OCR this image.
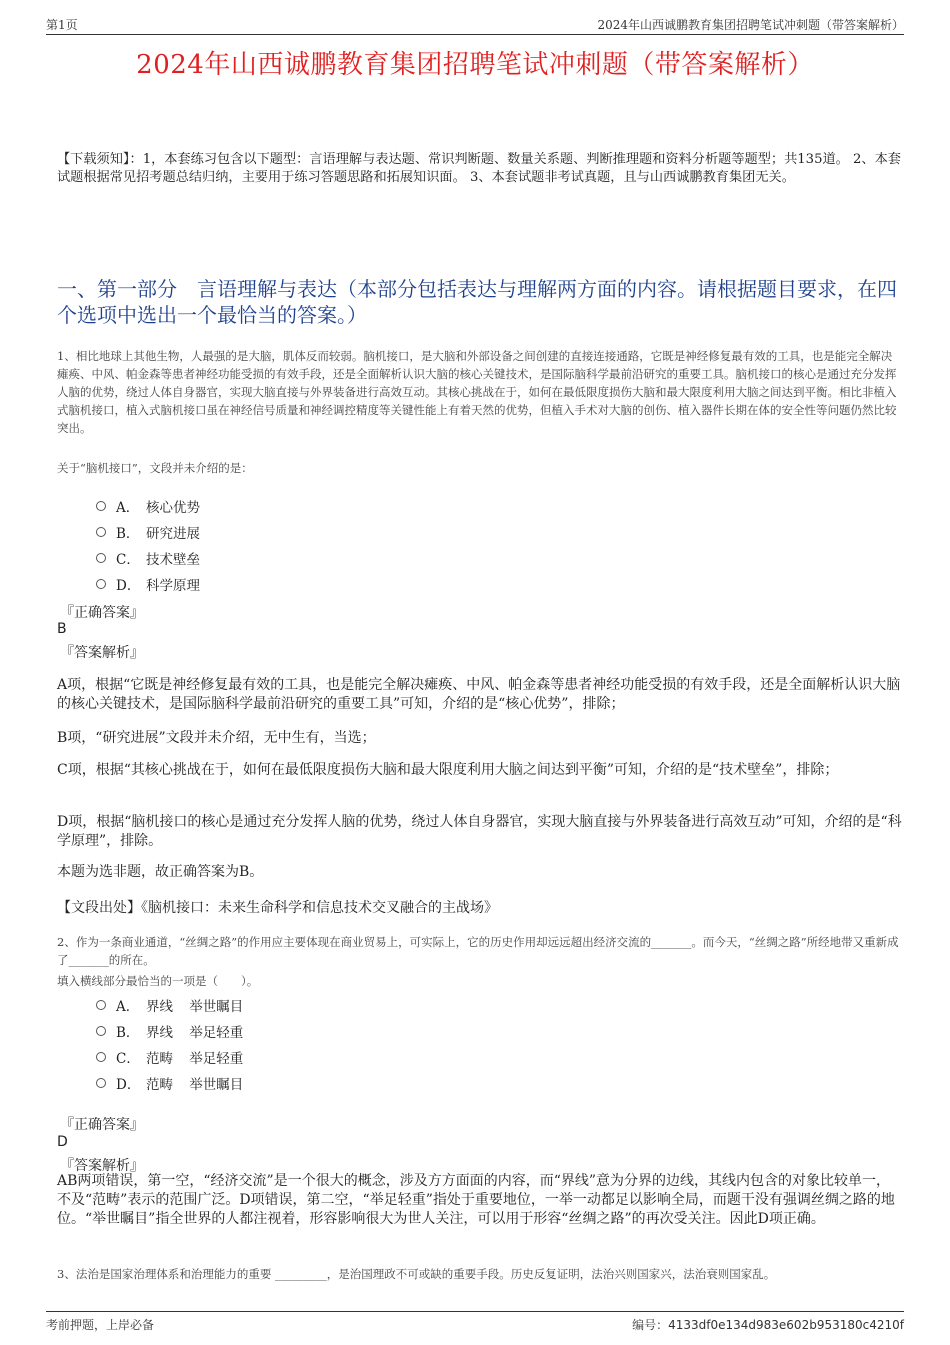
第1页	2024年山西诚鹏教育集团招聘笔试冲刺题（带答案解析）
2024年山西诚鹏教育集团招聘笔试冲刺题（带答案解析）
【下载须知】：1，本套练习包含以下题型：言语理解与表达题、常识判断题、数量关系题、判断推理题和资料分析题等题型；共135道。 2、本套试题根据常见招考题总结归纳，主要用于练习答题思路和拓展知识面。 3、本套试题非考试真题，且与山西诚鹏教育集团无关。
一、第一部分　言语理解与表达（本部分包括表达与理解两方面的内容。请根据题目要求，在四个选项中选出一个最恰当的答案。）
1、相比地球上其他生物，人最强的是大脑，肌体反而较弱。脑机接口，是大脑和外部设备之间创建的直接连接通路，它既是神经修复最有效的工具，也是能完全解决瘫痪、中风、帕金森等患者神经功能受损的有效手段，还是全面解析认识大脑的核心关键技术，是国际脑科学最前沿研究的重要工具。脑机接口的核心是通过充分发挥人脑的优势，绕过人体自身器官，实现大脑直接与外界装备进行高效互动。其核心挑战在于，如何在最低限度损伤大脑和最大限度利用大脑之间达到平衡。相比非植入式脑机接口，植入式脑机接口虽在神经信号质量和神经调控精度等关键性能上有着天然的优势，但植入手术对大脑的创伤、植入器件长期在体的安全性等问题仍然比较突出。
关于“脑机接口”，文段并未介绍的是：
A． 核心优势
B． 研究进展
C． 技术壁垒
D． 科学原理
『正确答案』
B
『答案解析』
A项，根据“它既是神经修复最有效的工具，也是能完全解决瘫痪、中风、帕金森等患者神经功能受损的有效手段，还是全面解析认识大脑的核心关键技术，是国际脑科学最前沿研究的重要工具”可知，介绍的是“核心优势”，排除；
B项，“研究进展”文段并未介绍，无中生有，当选；
C项，根据“其核心挑战在于，如何在最低限度损伤大脑和最大限度利用大脑之间达到平衡”可知，介绍的是“技术壁垒”，排除；
D项，根据“脑机接口的核心是通过充分发挥人脑的优势，绕过人体自身器官，实现大脑直接与外界装备进行高效互动”可知，介绍的是“科学原理”，排除。
本题为选非题，故正确答案为B。
【文段出处】《脑机接口：未来生命科学和信息技术交叉融合的主战场》
2、作为一条商业通道，“丝绸之路”的作用应主要体现在商业贸易上，可实际上，它的历史作用却远远超出经济交流的_______。而今天，“丝绸之路”所经地带又重新成了_______的所在。
填入横线部分最恰当的一项是（　　）。
A． 界线 举世瞩目
B． 界线 举足轻重
C． 范畴 举足轻重
D． 范畴 举世瞩目
『正确答案』
D
『答案解析』
AB两项错误，第一空，“经济交流”是一个很大的概念，涉及方方面面的内容，而“界线”意为分界的边线，其线内包含的对象比较单一，不及“范畴”表示的范围广泛。D项错误，第二空，“举足轻重”指处于重要地位，一举一动都足以影响全局，而题干没有强调丝绸之路的地位。“举世瞩目”指全世界的人都注视着，形容影响很大为世人关注，可以用于形容“丝绸之路”的再次受关注。因此D项正确。
3、法治是国家治理体系和治理能力的重要 _________，是治国理政不可或缺的重要手段。历史反复证明，法治兴则国家兴，法治衰则国家乱。
考前押题，上岸必备	编号：4133df0e134d983e602b953180c4210f
